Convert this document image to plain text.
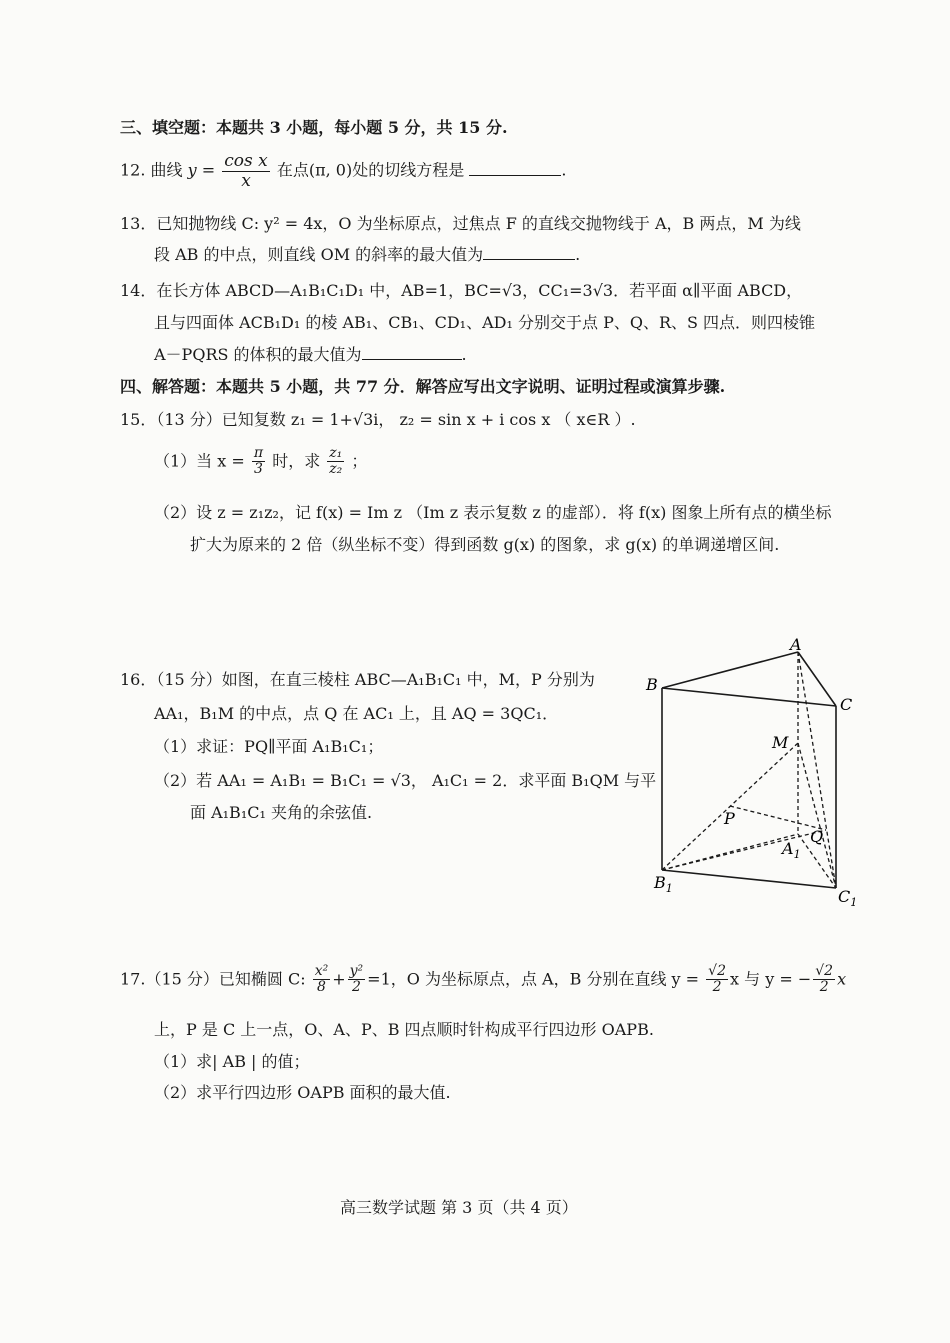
三、填空题：本题共 3 小题，每小题 5 分，共 15 分.
12. 曲线 $y = \frac{\text{cos x}}{x}$ 在点(π, 0)处的切线方程是	.
13．已知抛物线 C: y² = 4x，O 为坐标原点，过焦点 F 的直线交抛物线于 A，B 两点，M 为线
段 AB 的中点，则直线 OM 的斜率的最大值为	.
14．在长方体 ABCD—A₁B₁C₁D₁ 中，AB=1，BC=√3，CC₁=3√3．若平面 α∥平面 ABCD，
且与四面体 ACB₁D₁ 的棱 AB₁、CB₁、CD₁、AD₁ 分别交于点 P、Q、R、S 四点．则四棱锥
A－PQRS 的体积的最大值为	.
四、解答题：本题共 5 小题，共 77 分．解答应写出文字说明、证明过程或演算步骤.
15．（13 分）已知复数 z₁ = 1+√3i， z₂ = sin x + i cos x （ x∈R ）.
（1）当 $x = \frac{\pi}{3}$ 时，求 $\frac{\text{z₁}}{\text{z₂}}$ ；
（2）设 z = z₁z₂，记 f(x) = Im z （Im z 表示复数 z 的虚部）．将 f(x) 图象上所有点的横坐标
扩大为原来的 2 倍（纵坐标不变）得到函数 g(x) 的图象，求 g(x) 的单调递增区间.
16．（15 分）如图，在直三棱柱 ABC—A₁B₁C₁ 中，M，P 分别为
AA₁，B₁M 的中点，点 Q 在 AC₁ 上，且 AQ = 3QC₁．
（1）求证：PQ∥平面 A₁B₁C₁；
（2）若 AA₁ = A₁B₁ = B₁C₁ = √3， A₁C₁ = 2．求平面 B₁QM 与平
面 A₁B₁C₁ 夹角的余弦值.
A
B
C
M
P
Q
$A_1$
$B_1$	$C_1$
17.（15 分）已知椭圆 C: $\frac{\text{x²}}{8} + \frac{\text{y²}}{2} =1$，O 为坐标原点，点 A，B 分别在直线 $y = \frac{√2}{2}$ x 与 y = − $\frac{√2}{2}$ x
上，P 是 C 上一点，O、A、P、B 四点顺时针构成平行四边形 OAPB.
（1）求| AB | 的值；
（2）求平行四边形 OAPB 面积的最大值.
高三数学试题 第 3 页（共 4 页）
